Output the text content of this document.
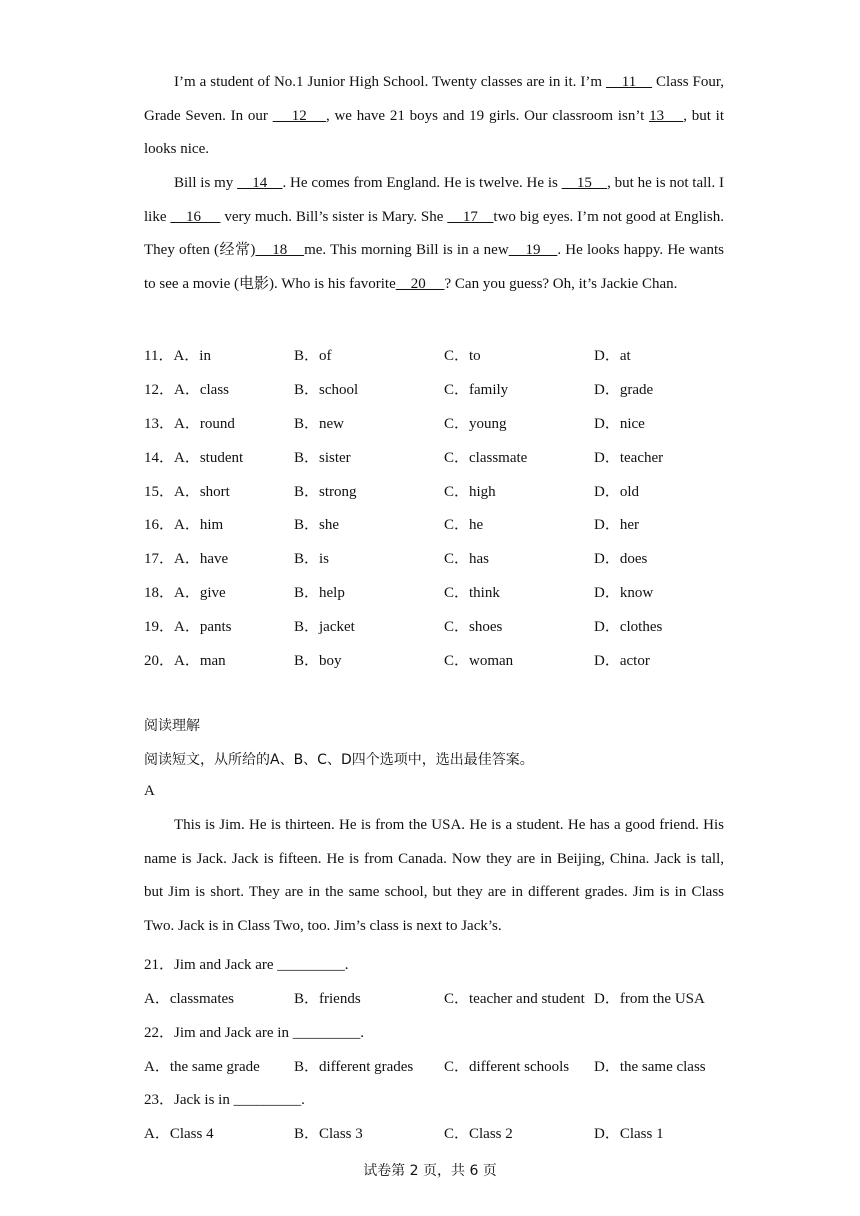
I’m a student of No.1 Junior High School. Twenty classes are in it. I’m     11     Class Four, Grade Seven. In our     12    , we have 21 boys and 19 girls. Our classroom isn’t 13    , but it looks nice.
Bill is my     14    . He comes from England. He is twelve. He is     15    , but he is not tall. I like     16      very much. Bill’s sister is Mary. She     17    two big eyes. I’m not good at English. They often (经常)    18    me. This morning Bill is in a new    19    . He looks happy. He wants to see a movie (电影). Who is his favorite    20     ? Can you guess? Oh, it’s Jackie Chan.
11．A．in	B．of	C．to	D．at
12．A．class	B．school	C．family	D．grade
13．A．round	B．new	C．young	D．nice
14．A．student	B．sister	C．classmate	D．teacher
15．A．short	B．strong	C．high	D．old
16．A．him	B．she	C．he	D．her
17．A．have	B．is	C．has	D．does
18．A．give	B．help	C．think	D．know
19．A．pants	B．jacket	C．shoes	D．clothes
20．A．man	B．boy	C．woman	D．actor
阅读理解
阅读短文，从所给的A、B、C、D四个选项中，选出最佳答案。
A
This is Jim. He is thirteen. He is from the USA. He is a student. He has a good friend. His name is Jack. Jack is fifteen. He is from Canada. Now they are in Beijing, China. Jack is tall, but Jim is short. They are in the same school, but they are in different grades. Jim is in Class Two. Jack is in Class Two, too. Jim’s class is next to Jack’s.
21．Jim and Jack are _________.
A．classmates	B．friends	C．teacher and student D．from the USA
22．Jim and Jack are in _________.
A．the same grade B．different grades C．different schools D．the same class
23．Jack is in _________.
A．Class 4	B．Class 3	C．Class 2	D．Class 1
试卷第 2 页，共 6 页
